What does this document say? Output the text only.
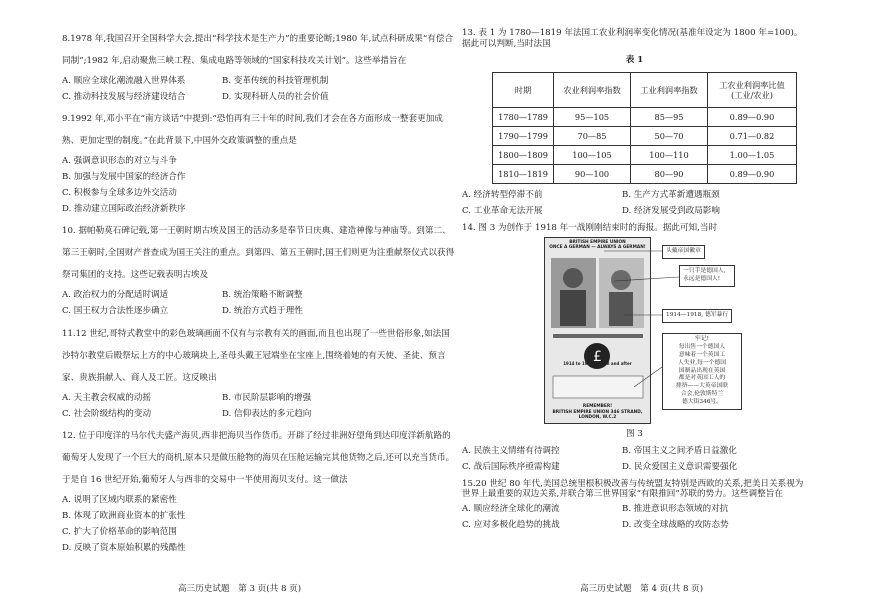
8.1978 年,我国召开全国科学大会,提出“科学技术是生产力”的重要论断;1980 年,试点科研成果“有偿合同制”;1982 年,启动聚焦三峡工程、集成电路等领域的“国家科技攻关计划”。这些举措旨在

A. 顺应全球化潮流融入世界体系	B. 变革传统的科技管理机制
C. 推动科技发展与经济建设结合	D. 实现科研人员的社会价值

9.1992 年,邓小平在“南方谈话”中提到:“恐怕再有三十年的时间,我们才会在各方面形成一整套更加成熟、更加定型的制度。”在此背景下,中国外交政策调整的重点是

A. 强调意识形态的对立与斗争
B. 加强与发展中国家的经济合作
C. 积极参与全球多边外交活动
D. 推动建立国际政治经济新秩序

10. 据帕勒莫石碑记载,第一王朝时期古埃及国王的活动多是奉节日庆典、建造神像与神庙等。到第二、第三王朝时,全国财产普查成为国王关注的重点。到第四、第五王朝时,国王们则更为注重献祭仪式以获得祭司集团的支持。这些记载表明古埃及

A. 政治权力的分配适时调适	B. 统治策略不断调整
C. 国王权力合法性逐步确立	D. 统治方式趋于理性

11.12 世纪,哥特式教堂中的彩色玻璃画面不仅有与宗教有关的画面,而且也出现了一些世俗形象,如法国沙特尔教堂后殿祭坛上方的中心玻璃块上,圣母头戴王冠端坐在宝座上,围绕着她的有天使、圣徒、预言家、贵族捐献人、商人及工匠。这反映出

A. 天主教会权威的动摇	B. 市民阶层影响的增强
C. 社会阶级结构的变动	D. 信仰表达的多元趋向

12. 位于印度洋的马尔代夫盛产海贝,西非把海贝当作货币。开辟了经过非洲好望角到达印度洋新航路的葡萄牙人发现了一个巨大的商机,原本只是做压舱物的海贝在压舱运输完其他货物之后,还可以充当货币。于是自 16 世纪开始,葡萄牙人与西非的交易中一半使用海贝支付。这一做法

A. 说明了区域内联系的紧密性
B. 体现了欧洲商业资本的扩张性
C. 扩大了价格革命的影响范围
D. 反映了资本原始积累的残酷性

13. 表 1 为 1780—1819 年法国工农业利润率变化情况(基准年设定为 1800 年=100)。据此可以判断,当时法国

表 1
时期	农业利润率指数	工业利润率指数	工农业利润率比值
(工业/农业)
1780—1789	95—105	85—95	0.89—0.90
1790—1799	70—85	50—70	0.71—0.82
1800—1809	100—105	100—110	1.00—1.05
1810—1819	90—100	80—90	0.89—0.90
A. 经济转型停滞不前	B. 生产方式革新遭遇瓶颈
C. 工业革命无法开展	D. 经济发展受到政局影响

14. 图 3 为创作于 1918 年一战刚刚结束时的海报。据此可知,当时

BRITISH EMPIRE UNION
ONCE A GERMAN — ALWAYS A GERMAN!
£
1914 to 1918… 1918 and after
REMEMBER!
BRITISH EMPIRE UNION 346 STRAND, LONDON, W.C.2
头戴帝国徽章
一只手是德国人,永远是德国人!
1914—1918, 德军暴行
牢记!
每出售一个德国人
意味着一个英国工
人失业,每一个德国
国制品出现在英国
都是对英国工人的
排挤——大英帝国联
合会,伦敦斯特兰
德大街346号。
图 3
A. 民族主义情绪有待调控	B. 帝国主义之间矛盾日益激化
C. 战后国际秩序亟需构建	D. 民众爱国主义意识需要强化

15.20 世纪 80 年代,美国总统里根积极改善与传统盟友特别是西欧的关系,把美日关系视为世界上最重要的双边关系,并联合第三世界国家“有限推回”苏联的势力。这些调整旨在

A. 顺应经济全球化的潮流	B. 推进意识形态领域的对抗
C. 应对多极化趋势的挑战	D. 改变全球战略的攻防态势
高三历史试题　第 3 页(共 8 页)	高三历史试题　第 4 页(共 8 页)
